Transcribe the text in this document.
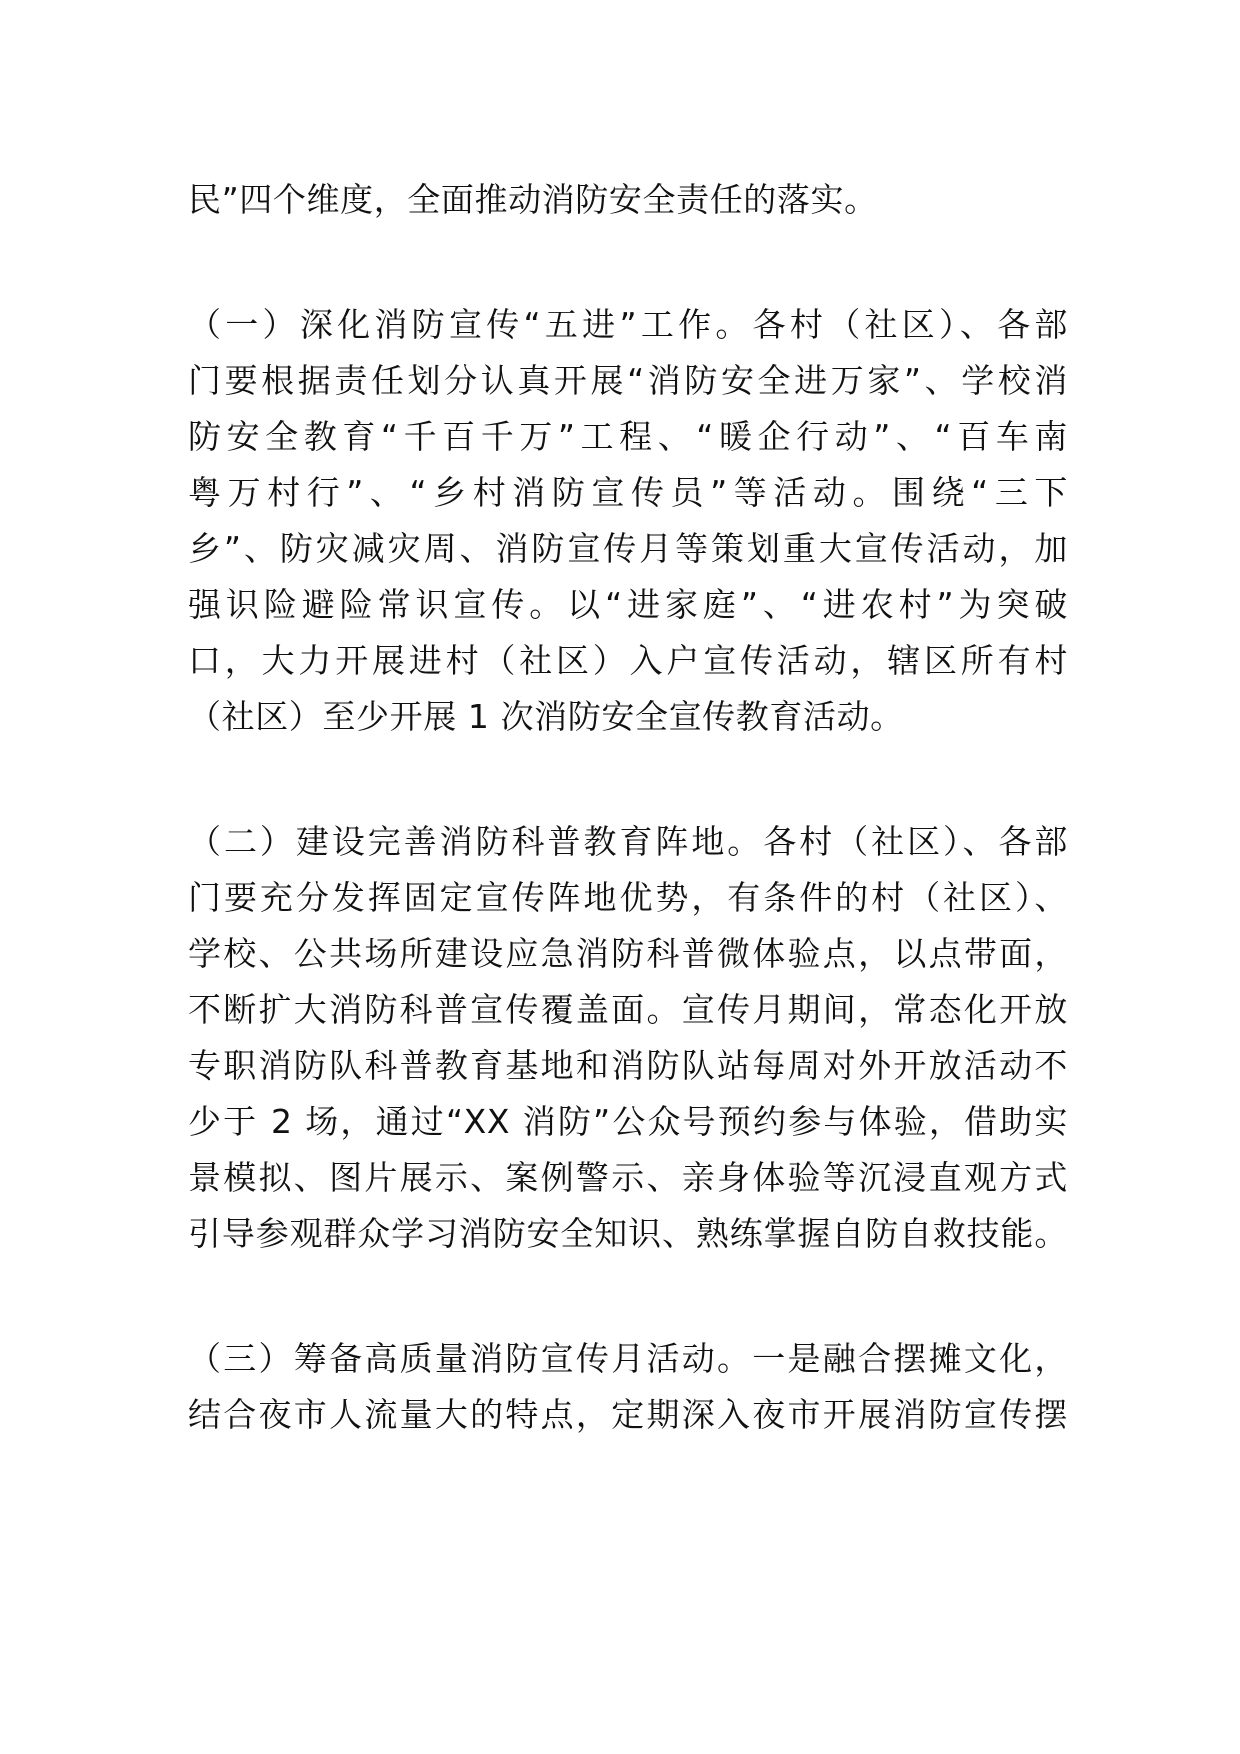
民”四个维度，全面推动消防安全责任的落实。
（一）深化消防宣传“五进”工作。各村（社区）、各部
门要根据责任划分认真开展“消防安全进万家”、学校消
防安全教育“千百千万”工程、“暖企行动”、“百车南
粤万村行”、“乡村消防宣传员”等活动。围绕“三下
乡”、防灾减灾周、消防宣传月等策划重大宣传活动，加
强识险避险常识宣传。以“进家庭”、“进农村”为突破
口，大力开展进村（社区）入户宣传活动，辖区所有村
（社区）至少开展 1 次消防安全宣传教育活动。
（二）建设完善消防科普教育阵地。各村（社区）、各部
门要充分发挥固定宣传阵地优势，有条件的村（社区）、
学校、公共场所建设应急消防科普微体验点，以点带面，
不断扩大消防科普宣传覆盖面。宣传月期间，常态化开放
专职消防队科普教育基地和消防队站每周对外开放活动不
少于 2 场，通过“XX 消防”公众号预约参与体验，借助实
景模拟、图片展示、案例警示、亲身体验等沉浸直观方式
引导参观群众学习消防安全知识、熟练掌握自防自救技能。
（三）筹备高质量消防宣传月活动。一是融合摆摊文化，
结合夜市人流量大的特点，定期深入夜市开展消防宣传摆
